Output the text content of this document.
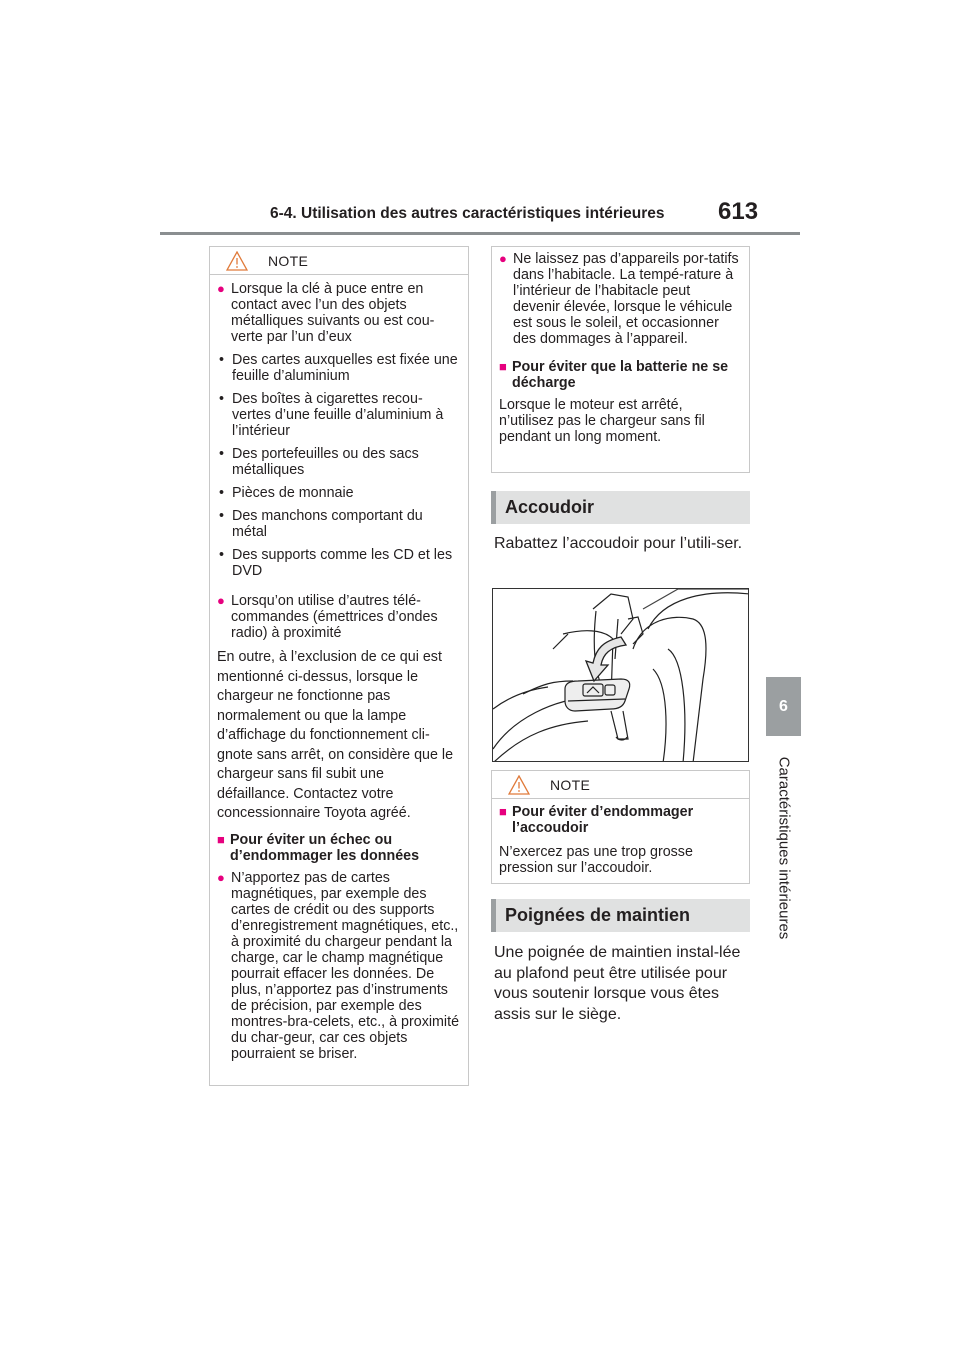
6-4. Utilisation des autres caractéristiques intérieures 613
6
Caractéristiques intérieures
NOTE
● Lorsque la clé à puce entre en contact avec l’un des objets métalliques suivants ou est cou-verte par l’un d’eux
• Des cartes auxquelles est fixée une feuille d’aluminium
• Des boîtes à cigarettes recou-vertes d’une feuille d’aluminium à l’intérieur
• Des portefeuilles ou des sacs métalliques
• Pièces de monnaie
• Des manchons comportant du métal
• Des supports comme les CD et les DVD
● Lorsqu’on utilise d’autres télé-commandes (émettrices d’ondes radio) à proximité
En outre, à l’exclusion de ce qui est mentionné ci-dessus, lorsque le chargeur ne fonctionne pas normalement ou que la lampe d’affichage du fonctionnement cli-gnote sans arrêt, on considère que le chargeur sans fil subit une défaillance. Contactez votre concessionnaire Toyota agréé.
■ Pour éviter un échec ou d’endommager les données
● N’apportez pas de cartes magnétiques, par exemple des cartes de crédit ou des supports d’enregistrement magnétiques, etc., à proximité du chargeur pendant la charge, car le champ magnétique pourrait effacer les données. De plus, n’apportez pas d’instruments de précision, par exemple des montres-bra-celets, etc., à proximité du char-geur, car ces objets pourraient se briser.
● Ne laissez pas d’appareils por-tatifs dans l’habitacle. La tempé-rature à l’intérieur de l’habitacle peut devenir élevée, lorsque le véhicule est sous le soleil, et occasionner des dommages à l’appareil.
■ Pour éviter que la batterie ne se décharge
Lorsque le moteur est arrêté, n’utilisez pas le chargeur sans fil pendant un long moment.
Accoudoir
Rabattez l’accoudoir pour l’utili-ser.
NOTE
■ Pour éviter d’endommager l’accoudoir
N’exercez pas une trop grosse pression sur l’accoudoir.
Poignées de maintien
Une poignée de maintien instal-lée au plafond peut être utilisée pour vous soutenir lorsque vous êtes assis sur le siège.
